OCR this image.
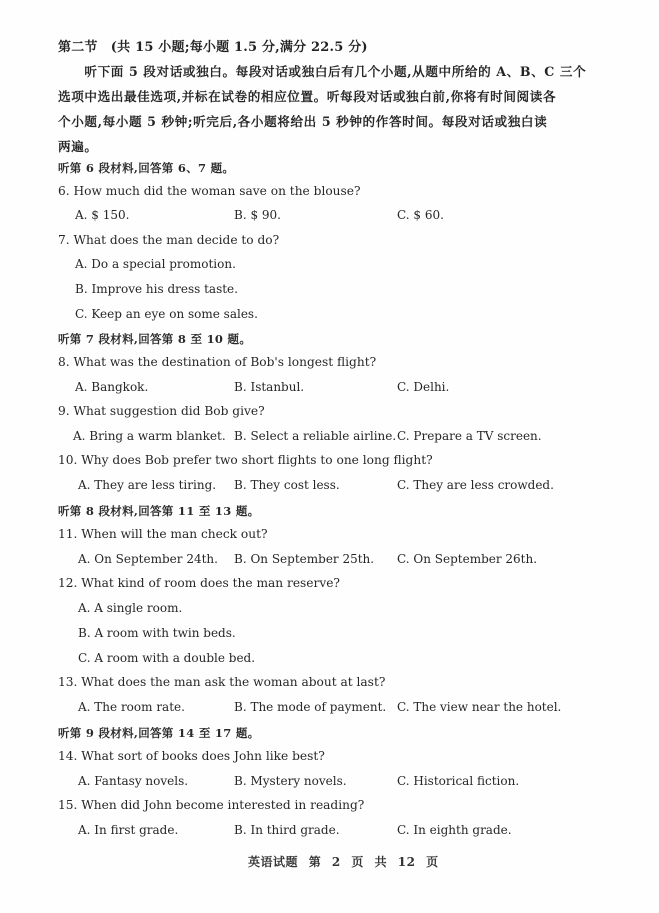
第二节　(共 15 小题;每小题 1.5 分,满分 22.5 分)
　　听下面 5 段对话或独白。每段对话或独白后有几个小题,从题中所给的 A、B、C 三个
选项中选出最佳选项,并标在试卷的相应位置。听每段对话或独白前,你将有时间阅读各
个小题,每小题 5 秒钟;听完后,各小题将给出 5 秒钟的作答时间。每段对话或独白读
两遍。
听第 6 段材料,回答第 6、7 题。
6. How much did the woman save on the blouse?
A. $ 150.	B. $ 90.	C. $ 60.
7. What does the man decide to do?
A. Do a special promotion.
B. Improve his dress taste.
C. Keep an eye on some sales.
听第 7 段材料,回答第 8 至 10 题。
8. What was the destination of Bob's longest flight?
A. Bangkok.	B. Istanbul.	C. Delhi.
9. What suggestion did Bob give?
A. Bring a warm blanket. B. Select a reliable airline. C. Prepare a TV screen.
10. Why does Bob prefer two short flights to one long flight?
A. They are less tiring. B. They cost less.	C. They are less crowded.
听第 8 段材料,回答第 11 至 13 题。
11. When will the man check out?
A. On September 24th. B. On September 25th. C. On September 26th.
12. What kind of room does the man reserve?
A. A single room.
B. A room with twin beds.
C. A room with a double bed.
13. What does the man ask the woman about at last?
A. The room rate.	B. The mode of payment. C. The view near the hotel.
听第 9 段材料,回答第 14 至 17 题。
14. What sort of books does John like best?
A. Fantasy novels.	B. Mystery novels.	C. Historical fiction.
15. When did John become interested in reading?
A. In first grade.	B. In third grade.	C. In eighth grade.
英语试题 第 2 页 共 12 页
